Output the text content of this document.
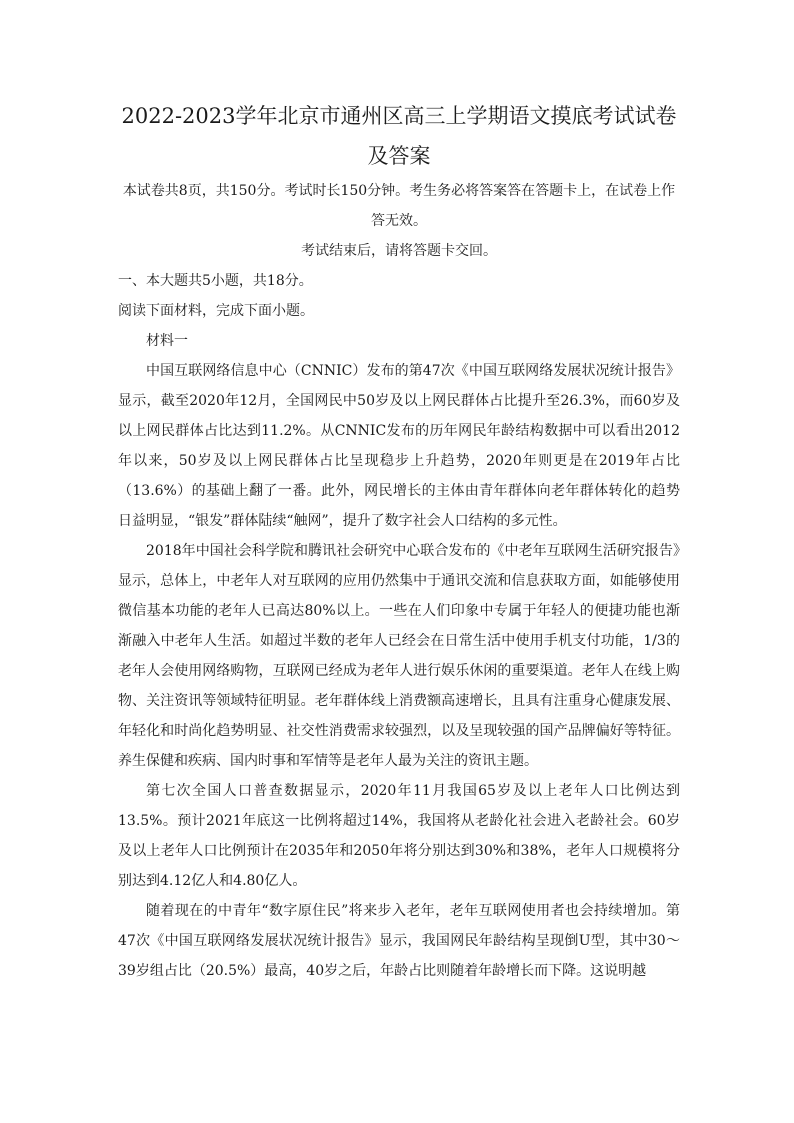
2022-2023学年北京市通州区高三上学期语文摸底考试试卷
及答案

本试卷共8页，共150分。考试时长150分钟。考生务必将答案答在答题卡上，在试卷上作

答无效。

考试结束后，请将答题卡交回。

一、本大题共5小题，共18分。

阅读下面材料，完成下面小题。

材料一

中国互联网络信息中心（CNNIC）发布的第47次《中国互联网络发展状况统计报告》显示，截至2020年12月，全国网民中50岁及以上网民群体占比提升至26.3%，而60岁及以上网民群体占比达到11.2%。从CNNIC发布的历年网民年龄结构数据中可以看出2012年以来，50岁及以上网民群体占比呈现稳步上升趋势，2020年则更是在2019年占比（13.6%）的基础上翻了一番。此外，网民增长的主体由青年群体向老年群体转化的趋势日益明显，“银发”群体陆续“触网”，提升了数字社会人口结构的多元性。

2018年中国社会科学院和腾讯社会研究中心联合发布的《中老年互联网生活研究报告》显示，总体上，中老年人对互联网的应用仍然集中于通讯交流和信息获取方面，如能够使用微信基本功能的老年人已高达80%以上。一些在人们印象中专属于年轻人的便捷功能也渐渐融入中老年人生活。如超过半数的老年人已经会在日常生活中使用手机支付功能，1/3的老年人会使用网络购物，互联网已经成为老年人进行娱乐休闲的重要渠道。老年人在线上购物、关注资讯等领域特征明显。老年群体线上消费额高速增长，且具有注重身心健康发展、年轻化和时尚化趋势明显、社交性消费需求较强烈，以及呈现较强的国产品牌偏好等特征。养生保健和疾病、国内时事和军情等是老年人最为关注的资讯主题。

第七次全国人口普查数据显示，2020年11月我国65岁及以上老年人口比例达到13.5%。预计2021年底这一比例将超过14%，我国将从老龄化社会进入老龄社会。60岁及以上老年人口比例预计在2035年和2050年将分别达到30%和38%，老年人口规模将分别达到4.12亿人和4.80亿人。

随着现在的中青年“数字原住民”将来步入老年，老年互联网使用者也会持续增加。第47次《中国互联网络发展状况统计报告》显示，我国网民年龄结构呈现倒U型，其中30～39岁组占比（20.5%）最高，40岁之后，年龄占比则随着年龄增长而下降。这说明越
